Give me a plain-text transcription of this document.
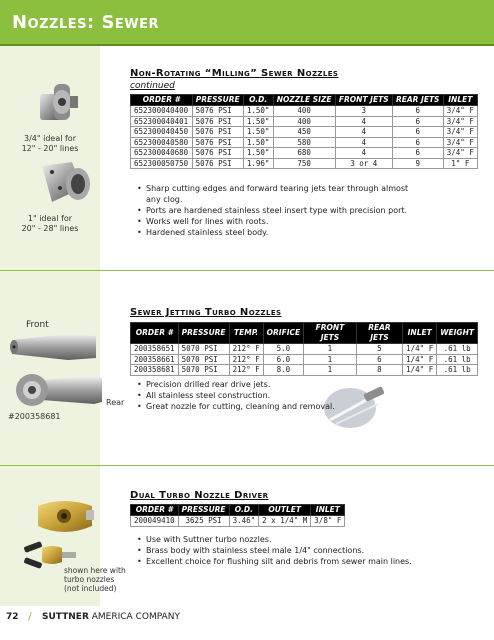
Nozzles: Sewer
3/4" ideal for
12" - 20" lines
1" ideal for
20" - 28" lines
Non-Rotating “Milling” Sewer Nozzles
continued
ORDER #	PRESSURE	O.D.	NOZZLE SIZE	FRONT JETS	REAR JETS	INLET
652300040400	5076 PSI	1.50"	400	3	6	3/4" F
652300040401	5076 PSI	1.50"	400	4	6	3/4" F
652300040450	5076 PSI	1.50"	450	4	6	3/4" F
652300040580	5076 PSI	1.50"	580	4	6	3/4" F
652300040680	5076 PSI	1.50"	680	4	6	3/4" F
652300050750	5076 PSI	1.96"	750	3 or 4	9	1" F
• Sharp cutting edges and forward tearing jets tear through almost
any clog.
• Ports are hardened stainless steel insert type with precision port.
• Works well for lines with roots.
• Hardened stainless steel body.
Front
Rear
#200358681
Sewer Jetting Turbo Nozzles
ORDER #	PRESSURE	TEMP.	ORIFICE	FRONT JETS	REAR JETS	INLET	WEIGHT
200358651	5070 PSI	212° F	5.0	1	5	1/4" F	.61 lb
200358661	5070 PSI	212° F	6.0	1	6	1/4" F	.61 lb
200358681	5070 PSI	212° F	8.0	1	8	1/4" F	.61 lb
• Precision drilled rear drive jets.
• All stainless steel construction.
• Great nozzle for cutting, cleaning and removal.
shown here with
turbo nozzles
(not included)
Dual Turbo Nozzle Driver
ORDER #	PRESSURE	O.D.	OUTLET	INLET
200049410	3625 PSI	3.46"	2 x 1/4" M	3/8" F
• Use with Suttner turbo nozzles.
• Brass body with stainless steel male 1/4" connections.
• Excellent choice for flushing silt and debris from sewer main lines.
72 / SUTTNER AMERICA COMPANY
